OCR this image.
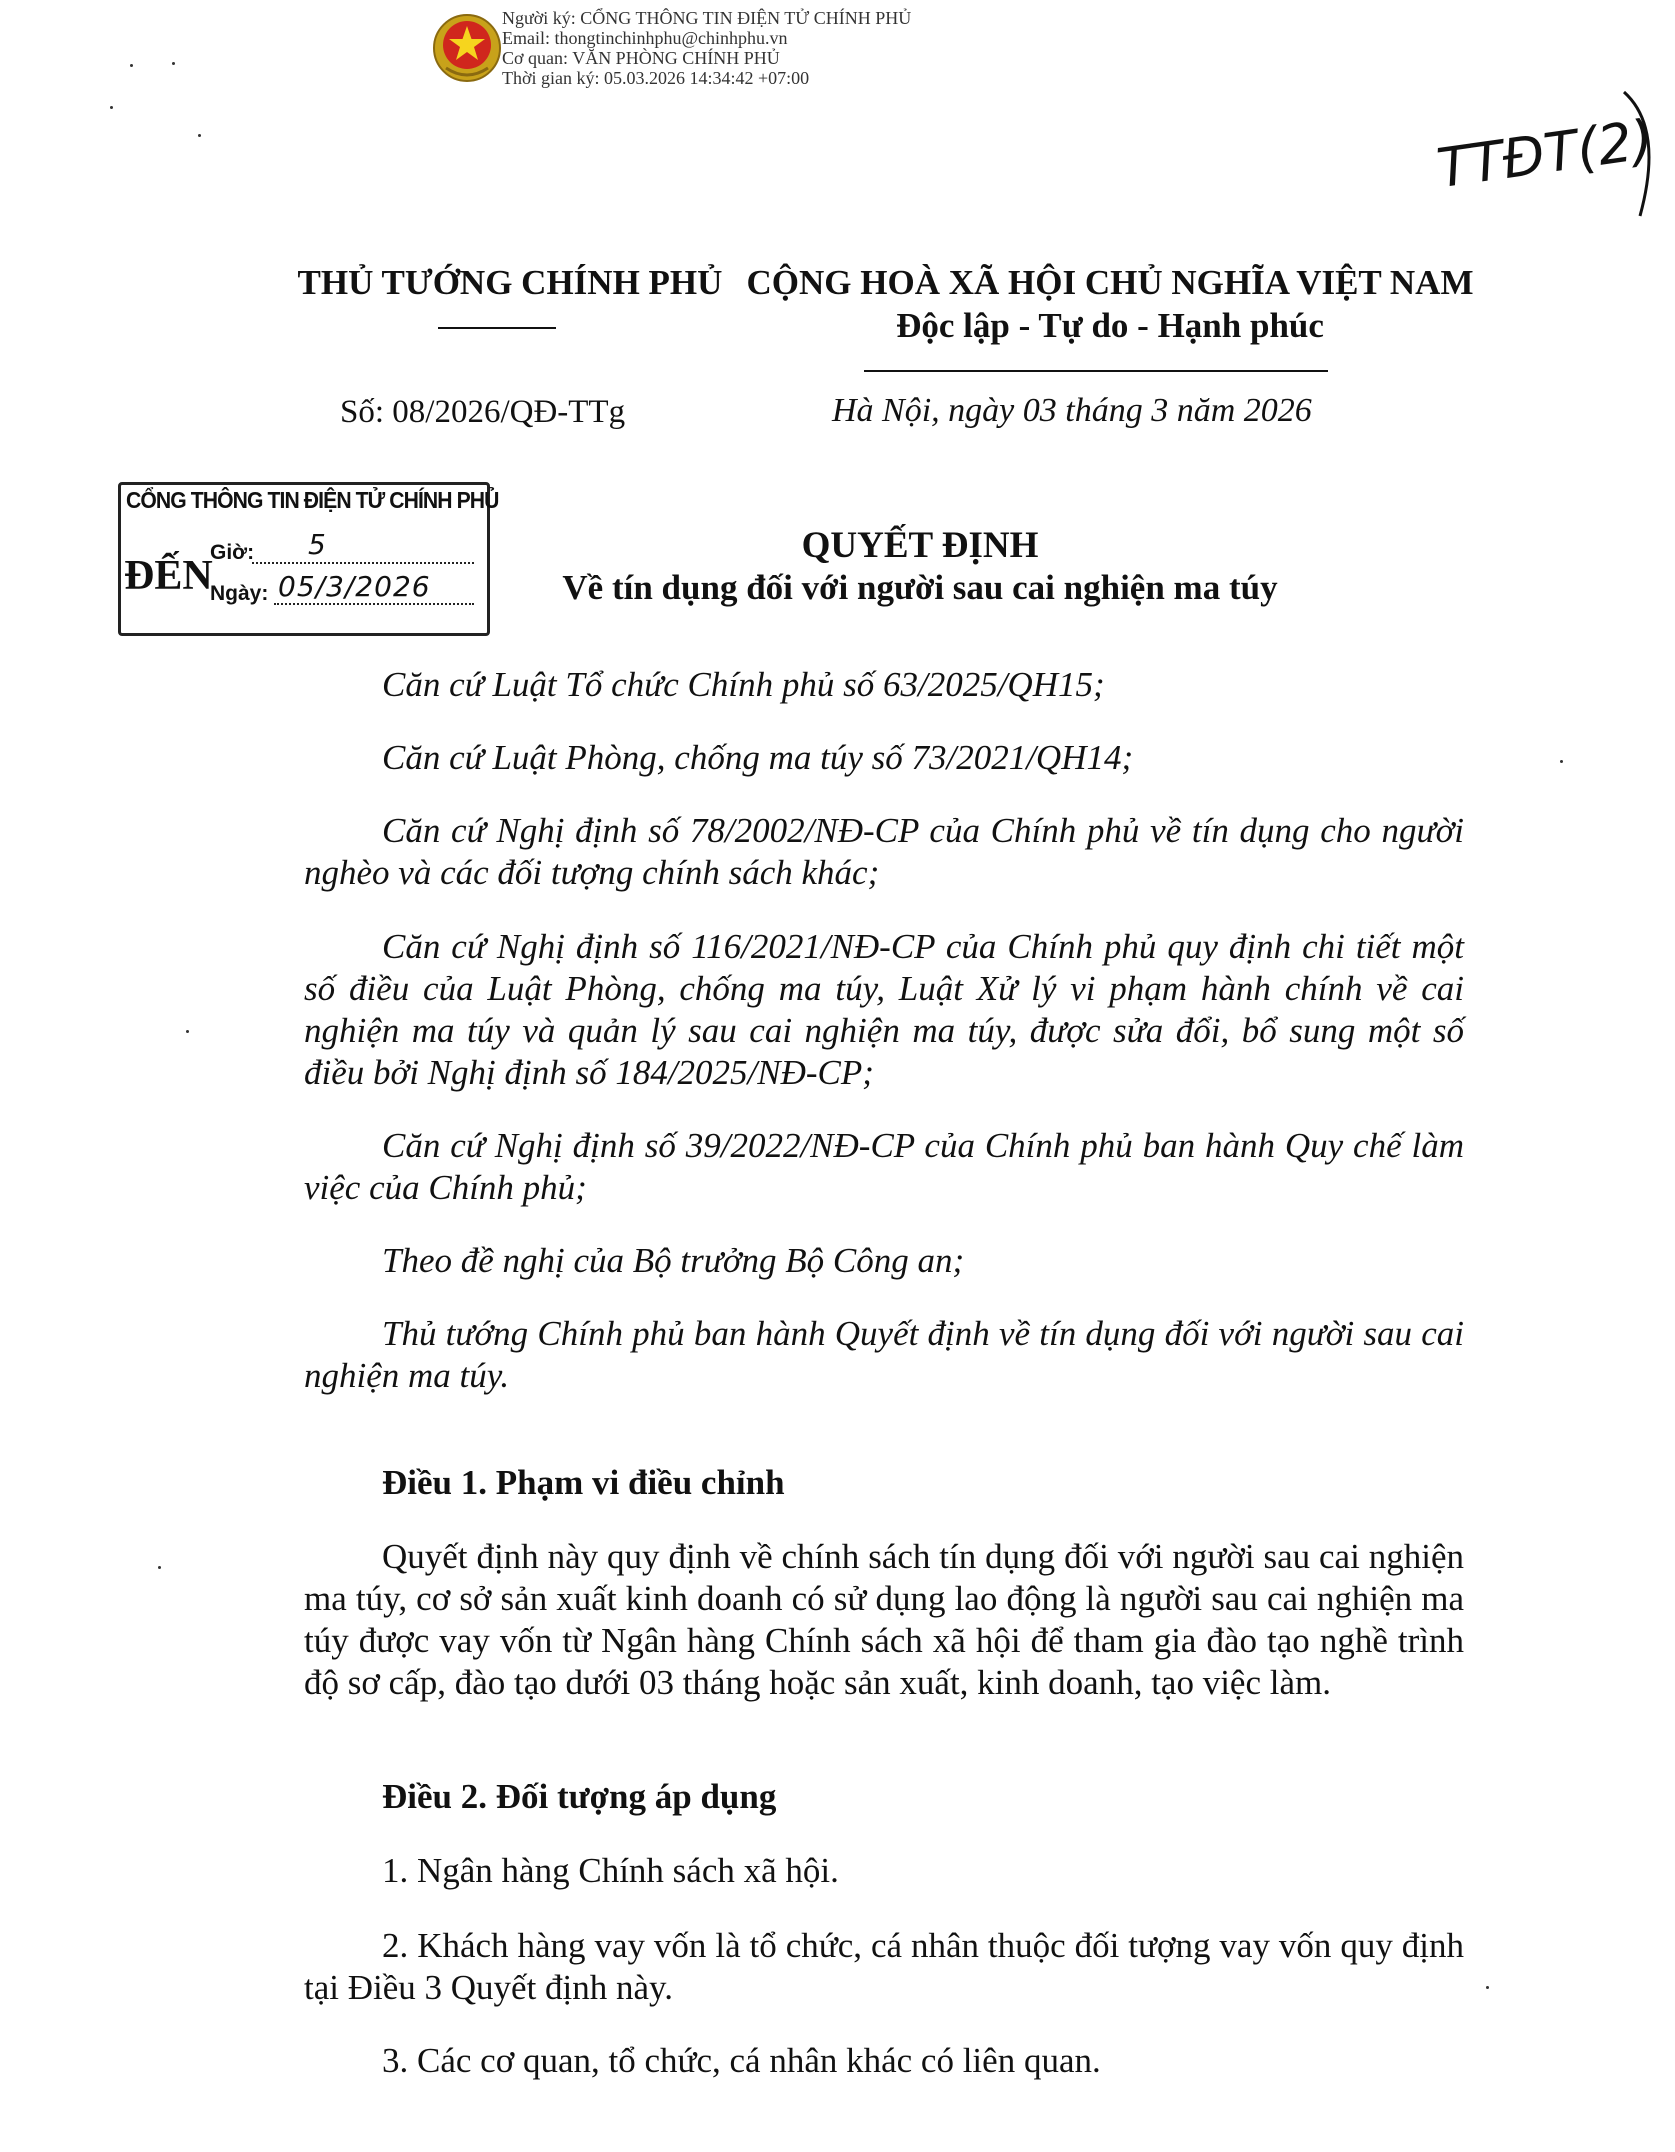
Người ký: CỔNG THÔNG TIN ĐIỆN TỬ CHÍNH PHỦ
Email: thongtinchinhphu@chinhphu.vn
Cơ quan: VĂN PHÒNG CHÍNH PHỦ
Thời gian ký: 05.03.2026 14:34:42 +07:00
TTĐT(2)
THỦ TƯỚNG CHÍNH PHỦ CỘNG HOÀ XÃ HỘI CHỦ NGHĨA VIỆT NAM
Độc lập - Tự do - Hạnh phúc
Số: 08/2026/QĐ-TTg	Hà Nội, ngày 03 tháng 3 năm 2026
CỔNG THÔNG TIN ĐIỆN TỬ CHÍNH PHỦ
ĐẾN
Giờ: 5
Ngày: 05/3/2026
QUYẾT ĐỊNH
Về tín dụng đối với người sau cai nghiện ma túy
Căn cứ Luật Tổ chức Chính phủ số 63/2025/QH15;
Căn cứ Luật Phòng, chống ma túy số 73/2021/QH14;
Căn cứ Nghị định số 78/2002/NĐ-CP của Chính phủ về tín dụng cho người nghèo và các đối tượng chính sách khác;
Căn cứ Nghị định số 116/2021/NĐ-CP của Chính phủ quy định chi tiết một số điều của Luật Phòng, chống ma túy, Luật Xử lý vi phạm hành chính về cai nghiện ma túy và quản lý sau cai nghiện ma túy, được sửa đổi, bổ sung một số điều bởi Nghị định số 184/2025/NĐ-CP;
Căn cứ Nghị định số 39/2022/NĐ-CP của Chính phủ ban hành Quy chế làm việc của Chính phủ;
Theo đề nghị của Bộ trưởng Bộ Công an;
Thủ tướng Chính phủ ban hành Quyết định về tín dụng đối với người sau cai nghiện ma túy.
Điều 1. Phạm vi điều chỉnh
Quyết định này quy định về chính sách tín dụng đối với người sau cai nghiện ma túy, cơ sở sản xuất kinh doanh có sử dụng lao động là người sau cai nghiện ma túy được vay vốn từ Ngân hàng Chính sách xã hội để tham gia đào tạo nghề trình độ sơ cấp, đào tạo dưới 03 tháng hoặc sản xuất, kinh doanh, tạo việc làm.
Điều 2. Đối tượng áp dụng
1. Ngân hàng Chính sách xã hội.
2. Khách hàng vay vốn là tổ chức, cá nhân thuộc đối tượng vay vốn quy định tại Điều 3 Quyết định này.
3. Các cơ quan, tổ chức, cá nhân khác có liên quan.
